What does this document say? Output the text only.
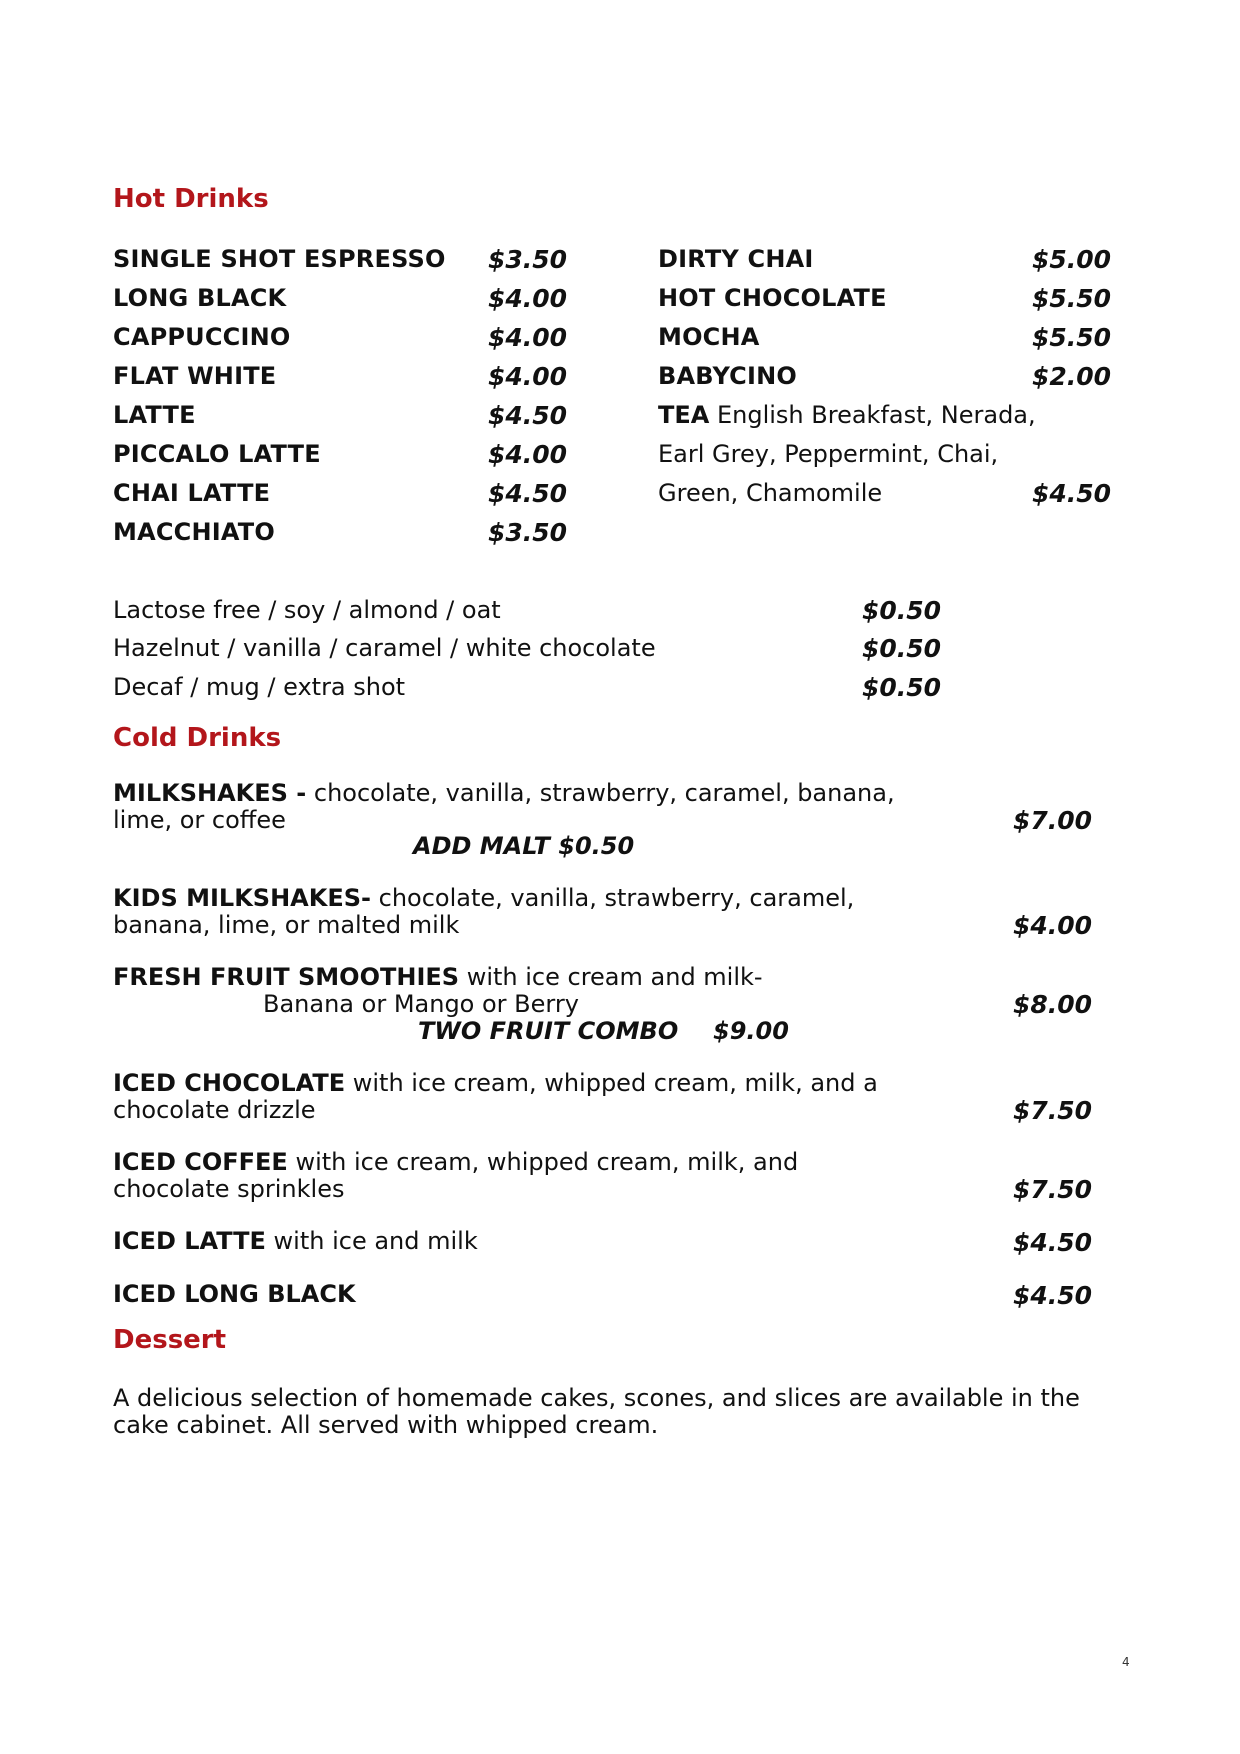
Hot Drinks
SINGLE SHOT ESPRESSO $3.50
LONG BLACK	$4.00
CAPPUCCINO	$4.00
FLAT WHITE	$4.00
LATTE	$4.50
PICCALO LATTE	$4.00
CHAI LATTE	$4.50
MACCHIATO	$3.50
DIRTY CHAI	$5.00
HOT CHOCOLATE	$5.50
MOCHA	$5.50
BABYCINO	$2.00
TEA English Breakfast, Nerada,
Earl Grey, Peppermint, Chai,
Green, Chamomile	$4.50
Lactose free / soy / almond / oat	$0.50
Hazelnut / vanilla / caramel / white chocolate	$0.50
Decaf / mug / extra shot	$0.50
Cold Drinks
MILKSHAKES - chocolate, vanilla, strawberry, caramel, banana,
lime, or coffee	$7.00
ADD MALT $0.50
KIDS MILKSHAKES- chocolate, vanilla, strawberry, caramel,
banana, lime, or malted milk	$4.00
FRESH FRUIT SMOOTHIES with ice cream and milk-
Banana or Mango or Berry	$8.00
TWO FRUIT COMBO $9.00
ICED CHOCOLATE with ice cream, whipped cream, milk, and a
chocolate drizzle	$7.50
ICED COFFEE with ice cream, whipped cream, milk, and
chocolate sprinkles	$7.50
ICED LATTE with ice and milk	$4.50
ICED LONG BLACK	$4.50
Dessert
A delicious selection of homemade cakes, scones, and slices are available in the
cake cabinet. All served with whipped cream.
4
